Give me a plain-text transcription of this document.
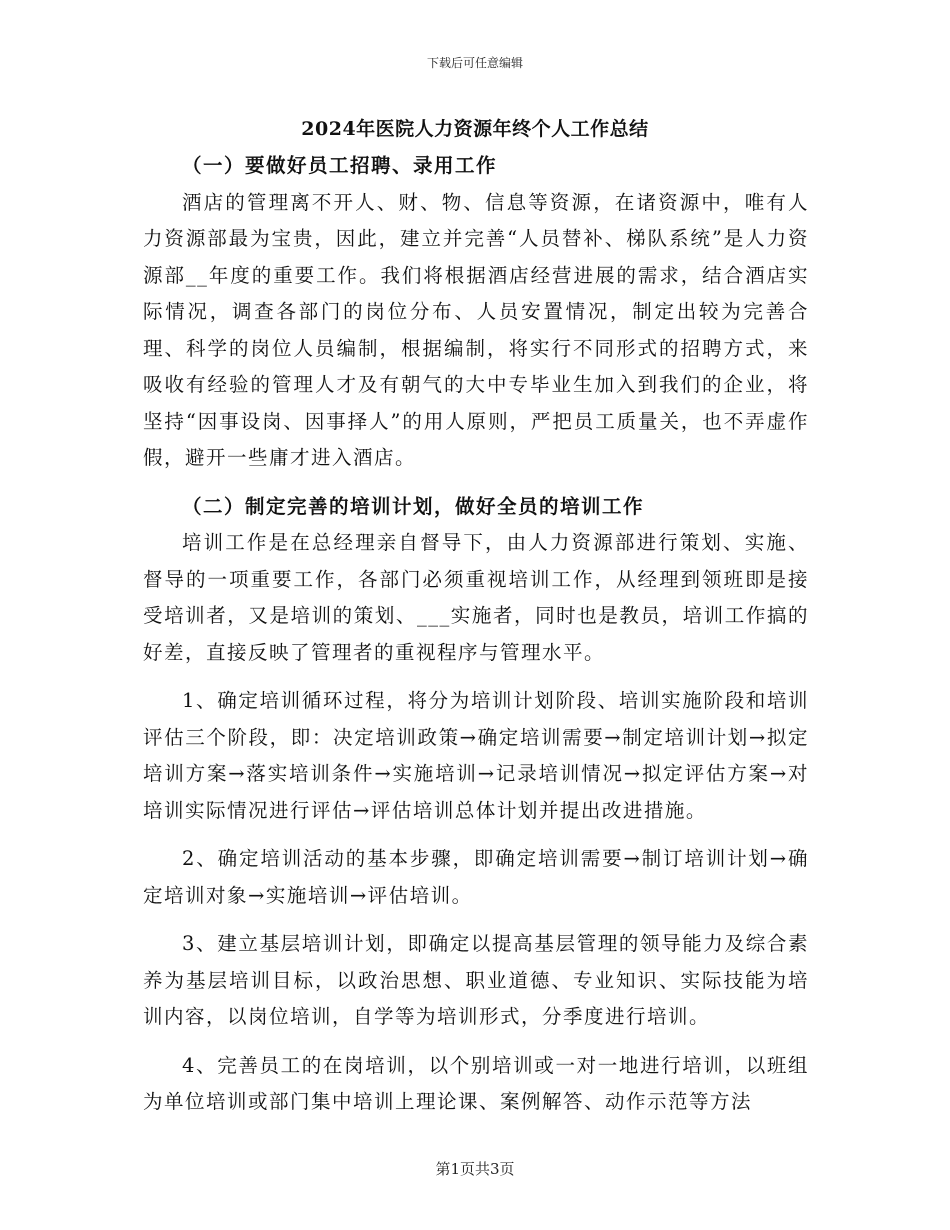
下载后可任意编辑
2024年医院人力资源年终个人工作总结
（一）要做好员工招聘、录用工作

酒店的管理离不开人、财、物、信息等资源，在诸资源中，唯有人力资源部最为宝贵，因此，建立并完善“人员替补、梯队系统”是人力资源部__年度的重要工作。我们将根据酒店经营进展的需求，结合酒店实际情况，调查各部门的岗位分布、人员安置情况，制定出较为完善合理、科学的岗位人员编制，根据编制，将实行不同形式的招聘方式，来吸收有经验的管理人才及有朝气的大中专毕业生加入到我们的企业，将坚持“因事设岗、因事择人”的用人原则，严把员工质量关，也不弄虚作假，避开一些庸才进入酒店。

（二）制定完善的培训计划，做好全员的培训工作

培训工作是在总经理亲自督导下，由人力资源部进行策划、实施、督导的一项重要工作，各部门必须重视培训工作，从经理到领班即是接受培训者，又是培训的策划、___实施者，同时也是教员，培训工作搞的好差，直接反映了管理者的重视程序与管理水平。

1、确定培训循环过程，将分为培训计划阶段、培训实施阶段和培训评估三个阶段，即：决定培训政策→确定培训需要→制定培训计划→拟定培训方案→落实培训条件→实施培训→记录培训情况→拟定评估方案→对培训实际情况进行评估→评估培训总体计划并提出改进措施。

2、确定培训活动的基本步骤，即确定培训需要→制订培训计划→确定培训对象→实施培训→评估培训。

3、建立基层培训计划，即确定以提高基层管理的领导能力及综合素养为基层培训目标，以政治思想、职业道德、专业知识、实际技能为培训内容，以岗位培训，自学等为培训形式，分季度进行培训。

4、完善员工的在岗培训，以个别培训或一对一地进行培训，以班组为单位培训或部门集中培训上理论课、案例解答、动作示范等方法

第1页共3页
